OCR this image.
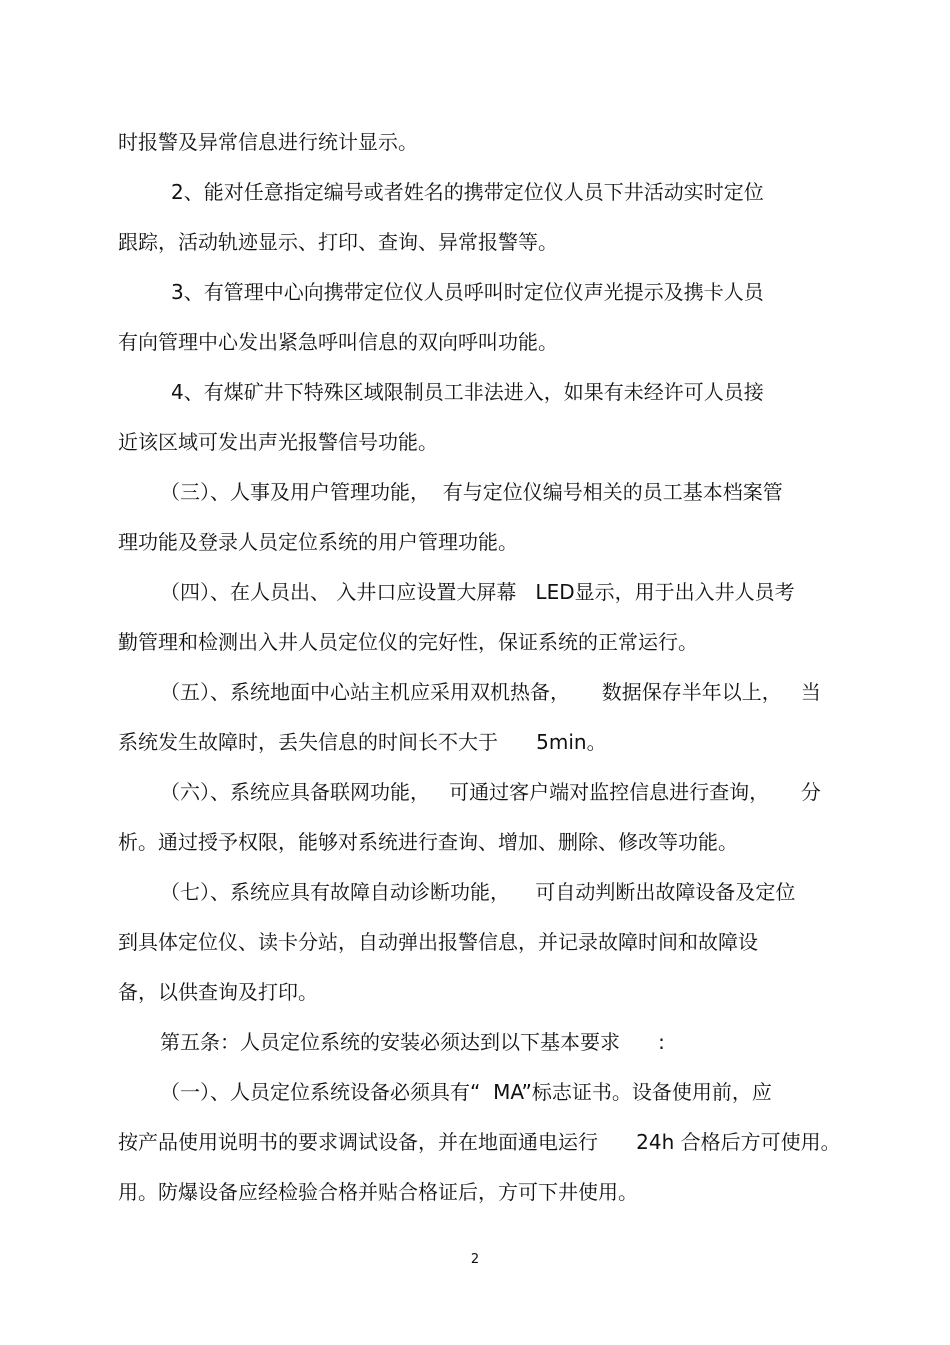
时报警及异常信息进行统计显示。

2、能对任意指定编号或者姓名的携带定位仪人员下井活动实时定位

跟踪，活动轨迹显示、打印、查询、异常报警等。

3、有管理中心向携带定位仪人员呼叫时定位仪声光提示及携卡人员

有向管理中心发出紧急呼叫信息的双向呼叫功能。

4、有煤矿井下特殊区域限制员工非法进入，如果有未经许可人员接

近该区域可发出声光报警信号功能。

（三）、人事及用户管理功能，  有与定位仪编号相关的员工基本档案管

理功能及登录人员定位系统的用户管理功能。

（四）、在人员出、 入井口应设置大屏幕   LED显示，用于出入井人员考

勤管理和检测出入井人员定位仪的完好性，保证系统的正常运行。

（五）、系统地面中心站主机应采用双机热备，     数据保存半年以上，   当

系统发生故障时，丢失信息的时间长不大于      5min。

（六）、系统应具备联网功能，   可通过客户端对监控信息进行查询，     分

析。通过授予权限，能够对系统进行查询、增加、删除、修改等功能。

（七）、系统应具有故障自动诊断功能，    可自动判断出故障设备及定位

到具体定位仪、读卡分站，自动弹出报警信息，并记录故障时间和故障设

备，以供查询及打印。

第五条：人员定位系统的安装必须达到以下基本要求      :

（一）、人员定位系统设备必须具有“  MA”标志证书。设备使用前，应

按产品使用说明书的要求调试设备，并在地面通电运行      24h 合格后方可使用。

用。防爆设备应经检验合格并贴合格证后，方可下井使用。

2
